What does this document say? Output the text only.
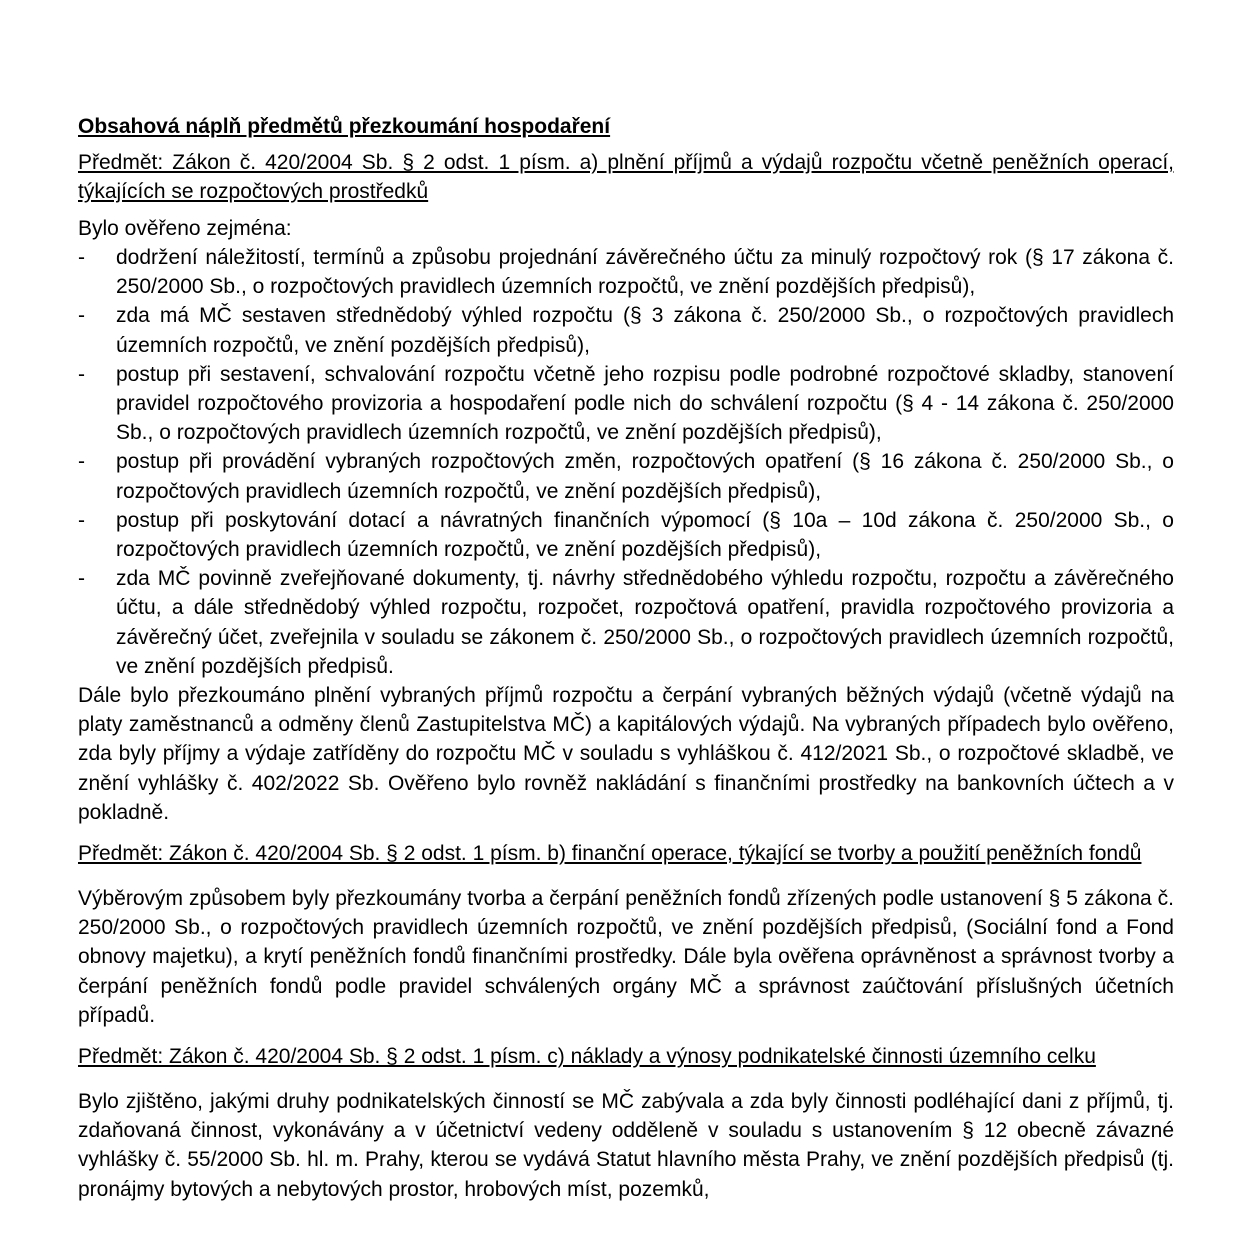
Obsahová náplň předmětů přezkoumání hospodaření
Předmět: Zákon č. 420/2004 Sb. § 2 odst. 1 písm. a) plnění příjmů a výdajů rozpočtu včetně peněžních operací, týkajících se rozpočtových prostředků
Bylo ověřeno zejména:
- dodržení náležitostí, termínů a způsobu projednání závěrečného účtu za minulý rozpočtový rok (§ 17 zákona č. 250/2000 Sb., o rozpočtových pravidlech územních rozpočtů, ve znění pozdějších předpisů),
- zda má MČ sestaven střednědobý výhled rozpočtu (§ 3 zákona č. 250/2000 Sb., o rozpočtových pravidlech územních rozpočtů, ve znění pozdějších předpisů),
- postup při sestavení, schvalování rozpočtu včetně jeho rozpisu podle podrobné rozpočtové skladby, stanovení pravidel rozpočtového provizoria a hospodaření podle nich do schválení rozpočtu (§ 4 - 14 zákona č. 250/2000 Sb., o rozpočtových pravidlech územních rozpočtů, ve znění pozdějších předpisů),
- postup při provádění vybraných rozpočtových změn, rozpočtových opatření (§ 16 zákona č. 250/2000 Sb., o rozpočtových pravidlech územních rozpočtů, ve znění pozdějších předpisů),
- postup při poskytování dotací a návratných finančních výpomocí (§ 10a – 10d zákona č. 250/2000 Sb., o rozpočtových pravidlech územních rozpočtů, ve znění pozdějších předpisů),
- zda MČ povinně zveřejňované dokumenty, tj. návrhy střednědobého výhledu rozpočtu, rozpočtu a závěrečného účtu, a dále střednědobý výhled rozpočtu, rozpočet, rozpočtová opatření, pravidla rozpočtového provizoria a závěrečný účet, zveřejnila v souladu se zákonem č. 250/2000 Sb., o rozpočtových pravidlech územních rozpočtů, ve znění pozdějších předpisů.

Dále bylo přezkoumáno plnění vybraných příjmů rozpočtu a čerpání vybraných běžných výdajů (včetně výdajů na platy zaměstnanců a odměny členů Zastupitelstva MČ) a kapitálových výdajů. Na vybraných případech bylo ověřeno, zda byly příjmy a výdaje zatříděny do rozpočtu MČ v souladu s vyhláškou č. 412/2021 Sb., o rozpočtové skladbě, ve znění vyhlášky č. 402/2022 Sb. Ověřeno bylo rovněž nakládání s finančními prostředky na bankovních účtech a v pokladně.

Předmět: Zákon č. 420/2004 Sb. § 2 odst. 1 písm. b) finanční operace, týkající se tvorby a použití peněžních fondů

Výběrovým způsobem byly přezkoumány tvorba a čerpání peněžních fondů zřízených podle ustanovení § 5 zákona č. 250/2000 Sb., o rozpočtových pravidlech územních rozpočtů, ve znění pozdějších předpisů, (Sociální fond a Fond obnovy majetku), a krytí peněžních fondů finančními prostředky. Dále byla ověřena oprávněnost a správnost tvorby a čerpání peněžních fondů podle pravidel schválených orgány MČ a správnost zaúčtování příslušných účetních případů.

Předmět: Zákon č. 420/2004 Sb. § 2 odst. 1 písm. c) náklady a výnosy podnikatelské činnosti územního celku

Bylo zjištěno, jakými druhy podnikatelských činností se MČ zabývala a zda byly činnosti podléhající dani z příjmů, tj. zdaňovaná činnost, vykonávány a v účetnictví vedeny odděleně v souladu s ustanovením § 12 obecně závazné vyhlášky č. 55/2000 Sb. hl. m. Prahy, kterou se vydává Statut hlavního města Prahy, ve znění pozdějších předpisů (tj. pronájmy bytových a nebytových prostor, hrobových míst, pozemků,
